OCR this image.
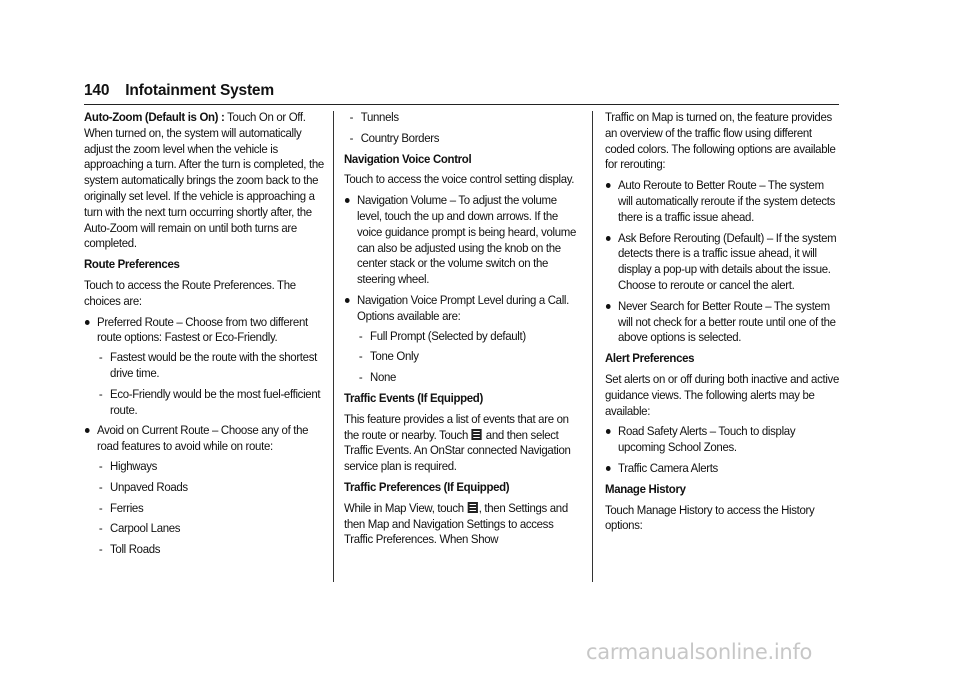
140 Infotainment System

Auto-Zoom (Default is On) : Touch On or Off. When turned on, the system will automatically adjust the zoom level when the vehicle is approaching a turn. After the turn is completed, the system automatically brings the zoom back to the originally set level. If the vehicle is approaching a turn with the next turn occurring shortly after, the Auto-Zoom will remain on until both turns are completed.

Route Preferences

Touch to access the Route Preferences. The choices are:

Preferred Route – Choose from two different route options: Fastest or Eco-Friendly.
- Fastest would be the route with the shortest drive time.
- Eco-Friendly would be the most fuel-efficient route.
Avoid on Current Route – Choose any of the road features to avoid while on route:
- Highways
- Unpaved Roads
- Ferries
- Carpool Lanes
- Toll Roads
- Tunnels
- Country Borders

Navigation Voice Control

Touch to access the voice control setting display.

Navigation Volume – To adjust the volume level, touch the up and down arrows. If the voice guidance prompt is being heard, volume can also be adjusted using the knob on the center stack or the volume switch on the steering wheel.
Navigation Voice Prompt Level during a Call. Options available are:
- Full Prompt (Selected by default)
- Tone Only
- None

Traffic Events (If Equipped)

This feature provides a list of events that are on the route or nearby. Touch  and then select Traffic Events. An OnStar connected Navigation service plan is required.

Traffic Preferences (If Equipped)

While in Map View, touch , then Settings and then Map and Navigation Settings to access Traffic Preferences. When Show

Traffic on Map is turned on, the feature provides an overview of the traffic flow using different coded colors. The following options are available for rerouting:

Auto Reroute to Better Route – The system will automatically reroute if the system detects there is a traffic issue ahead.
Ask Before Rerouting (Default) – If the system detects there is a traffic issue ahead, it will display a pop-up with details about the issue. Choose to reroute or cancel the alert.
Never Search for Better Route – The system will not check for a better route until one of the above options is selected.

Alert Preferences

Set alerts on or off during both inactive and active guidance views. The following alerts may be available:

Road Safety Alerts – Touch to display upcoming School Zones.
Traffic Camera Alerts

Manage History

Touch Manage History to access the History options:

carmanualsonline.info
